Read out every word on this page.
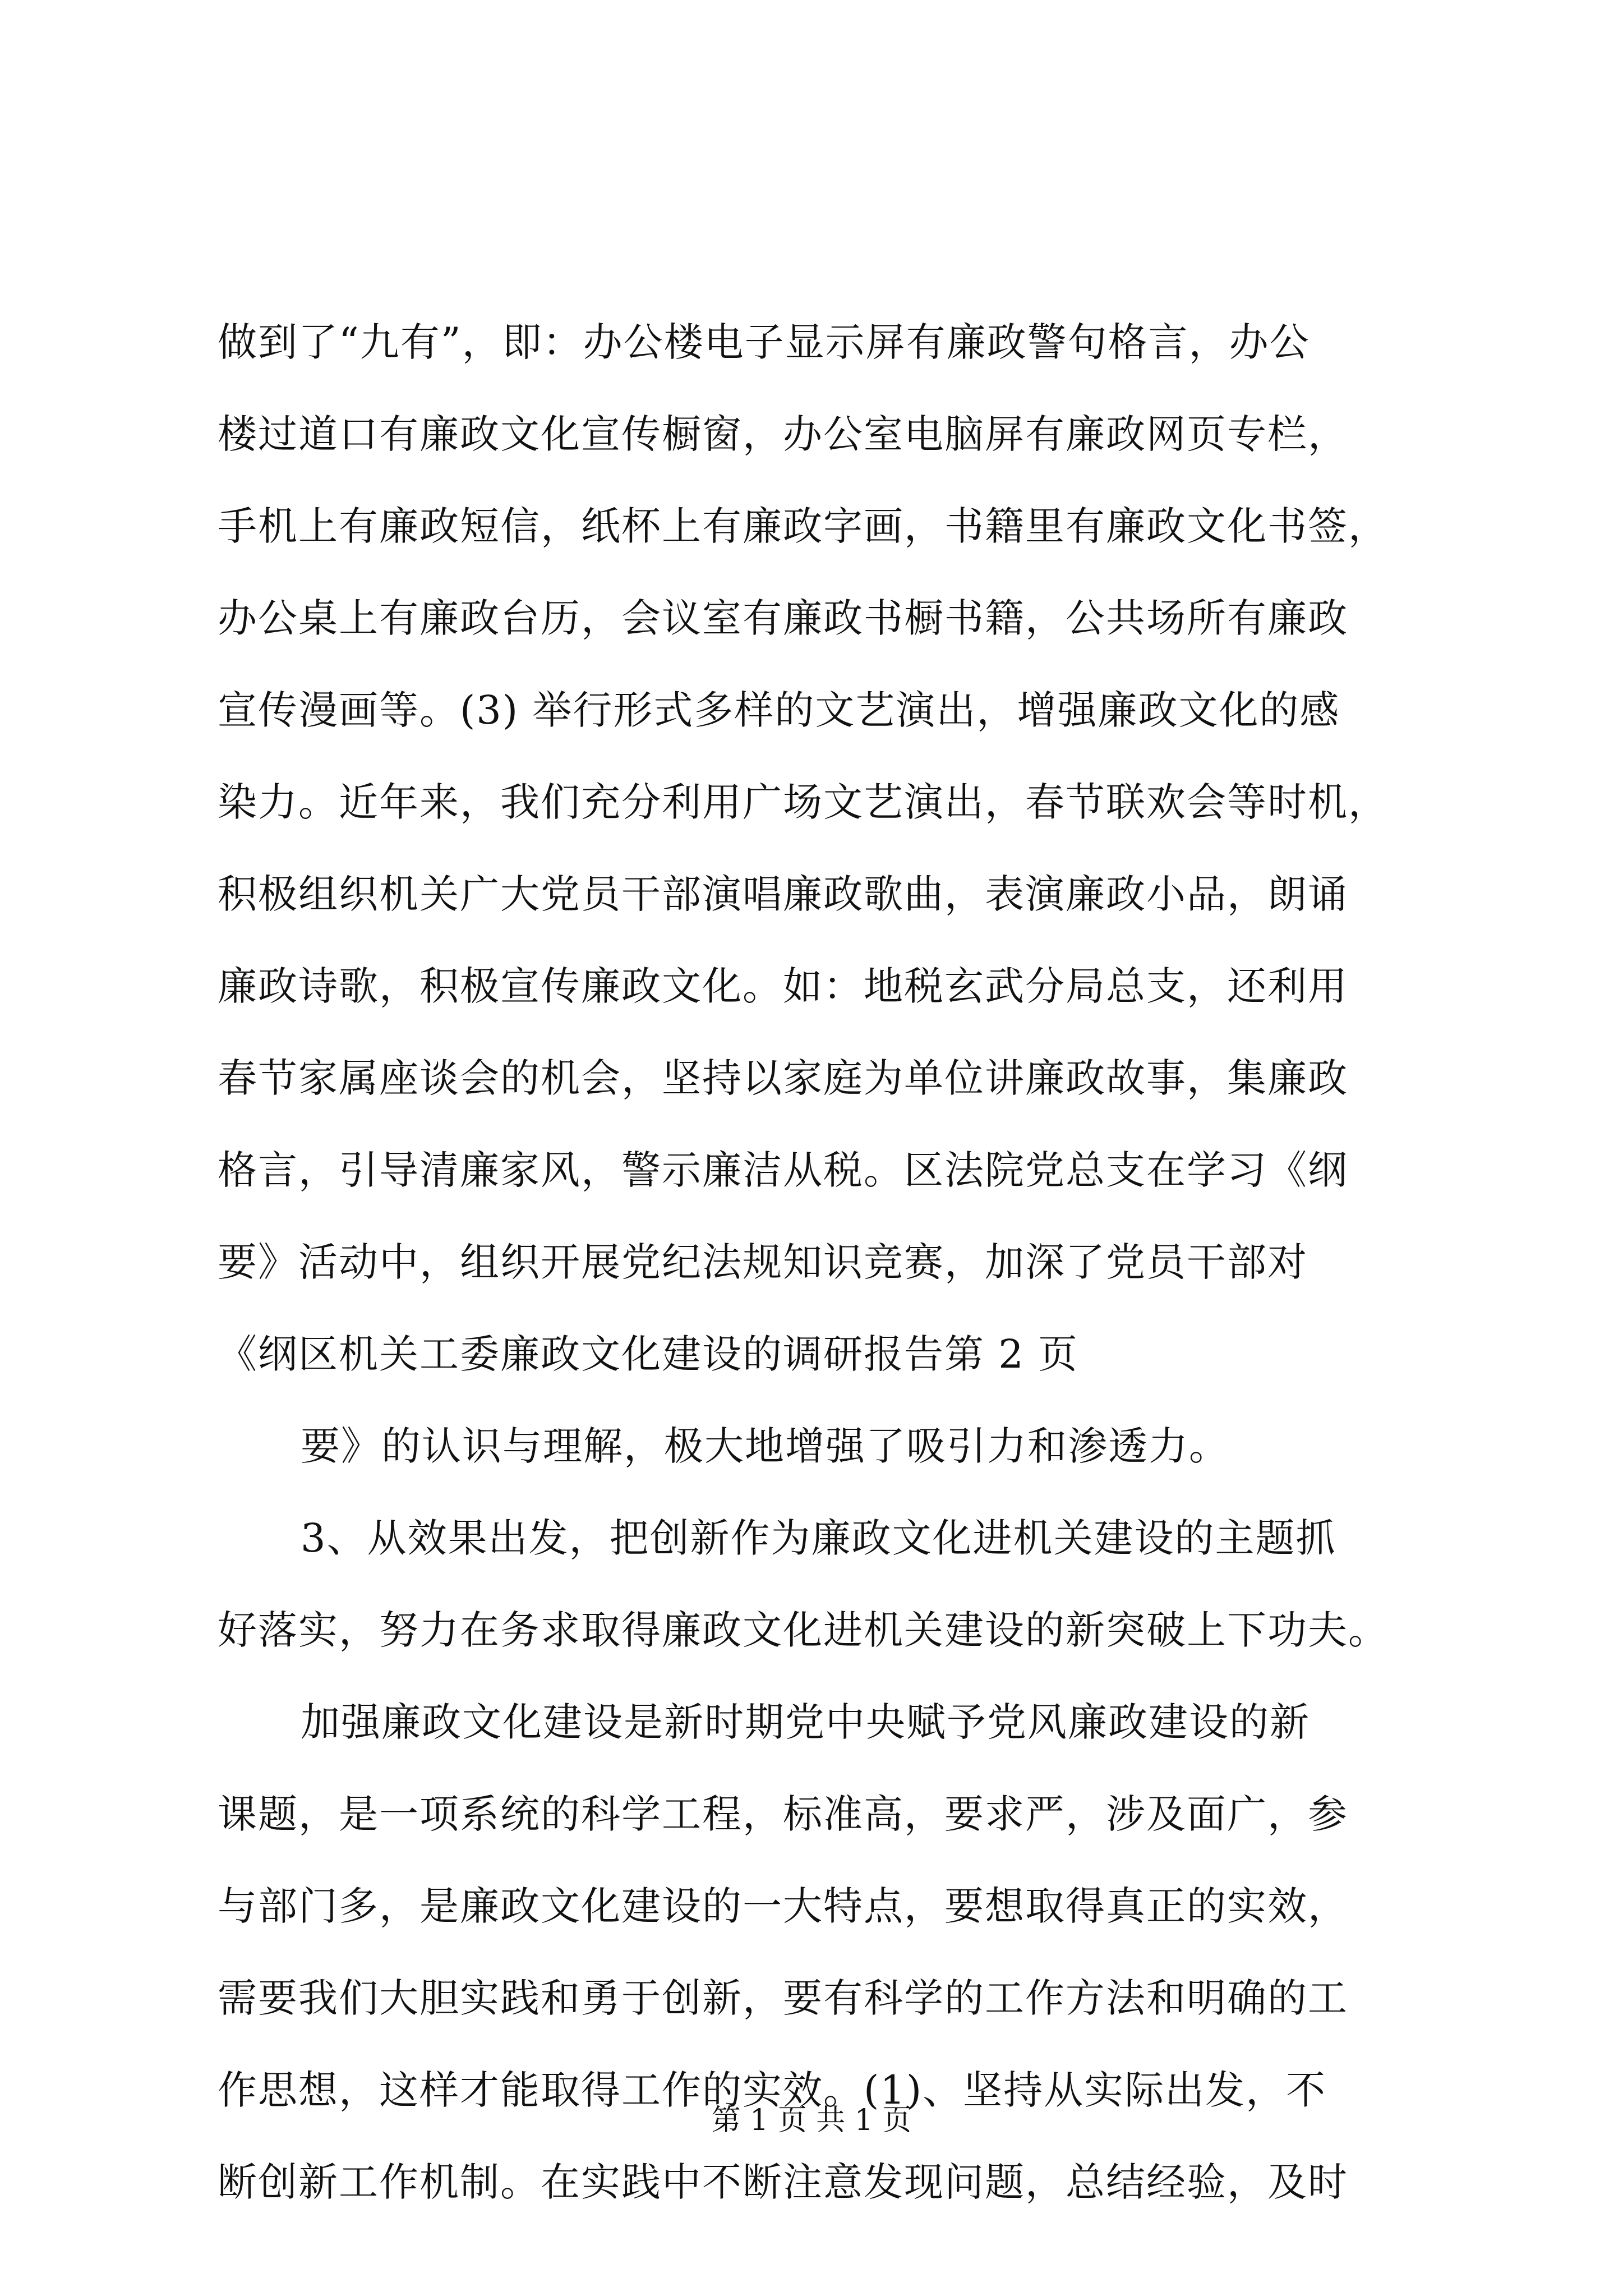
做到了“九有”，即：办公楼电子显示屏有廉政警句格言，办公
楼过道口有廉政文化宣传橱窗，办公室电脑屏有廉政网页专栏，
手机上有廉政短信，纸杯上有廉政字画，书籍里有廉政文化书签，
办公桌上有廉政台历，会议室有廉政书橱书籍，公共场所有廉政
宣传漫画等。(3) 举行形式多样的文艺演出，增强廉政文化的感
染力。近年来，我们充分利用广场文艺演出，春节联欢会等时机，
积极组织机关广大党员干部演唱廉政歌曲，表演廉政小品，朗诵
廉政诗歌，积极宣传廉政文化。如：地税玄武分局总支，还利用
春节家属座谈会的机会，坚持以家庭为单位讲廉政故事，集廉政
格言，引导清廉家风，警示廉洁从税。区法院党总支在学习《纲
要》活动中，组织开展党纪法规知识竞赛，加深了党员干部对
《纲区机关工委廉政文化建设的调研报告第 2 页
要》的认识与理解，极大地增强了吸引力和渗透力。
3、从效果出发，把创新作为廉政文化进机关建设的主题抓
好落实，努力在务求取得廉政文化进机关建设的新突破上下功夫。
加强廉政文化建设是新时期党中央赋予党风廉政建设的新
课题，是一项系统的科学工程，标准高，要求严，涉及面广，参
与部门多，是廉政文化建设的一大特点，要想取得真正的实效，
需要我们大胆实践和勇于创新，要有科学的工作方法和明确的工
作思想，这样才能取得工作的实效。(1)、坚持从实际出发，不
断创新工作机制。在实践中不断注意发现问题，总结经验，及时
第 1 页 共 1 页
